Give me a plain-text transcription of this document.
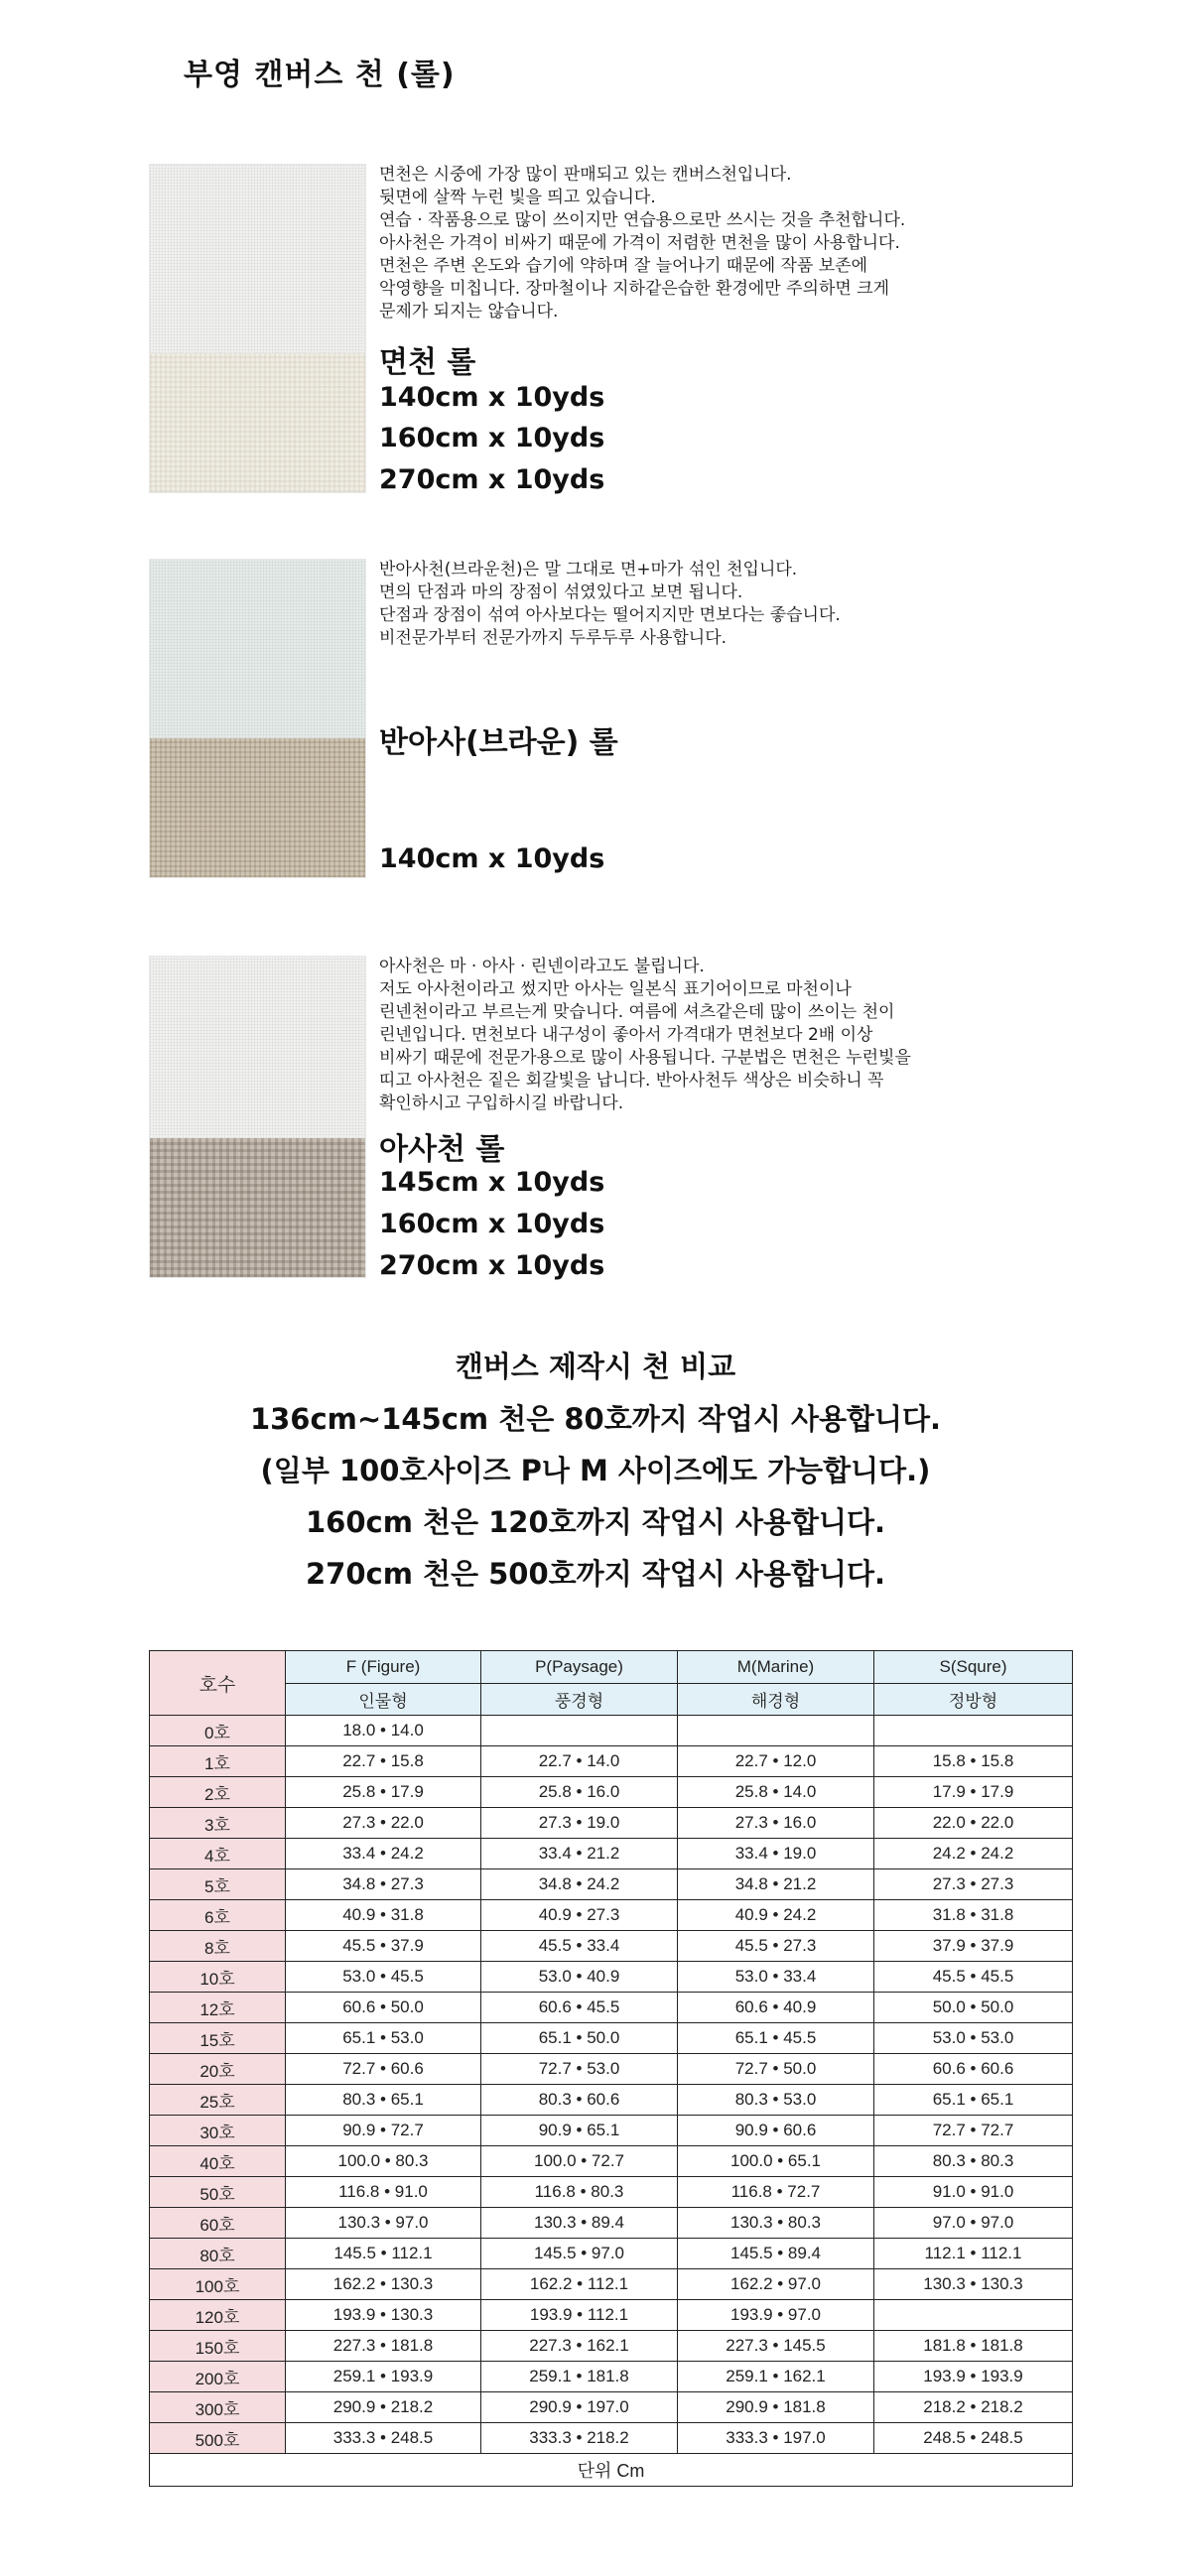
부영 캔버스 천 (롤)
면천은 시중에 가장 많이 판매되고 있는 캔버스천입니다.
뒷면에 살짝 누런 빛을 띄고 있습니다.
연습 · 작품용으로 많이 쓰이지만 연습용으로만 쓰시는 것을 추천합니다.
아사천은 가격이 비싸기 때문에 가격이 저렴한 면천을 많이 사용합니다.
면천은 주변 온도와 습기에 약하며 잘 늘어나기 때문에 작품 보존에
악영향을 미칩니다. 장마철이나 지하같은습한 환경에만 주의하면 크게
문제가 되지는 않습니다.
면천 롤
140cm x 10yds
160cm x 10yds
270cm x 10yds
반아사천(브라운천)은 말 그대로 면+마가 섞인 천입니다.
면의 단점과 마의 장점이 섞였있다고 보면 됩니다.
단점과 장점이 섞여 아사보다는 떨어지지만 면보다는 좋습니다.
비전문가부터 전문가까지 두루두루 사용합니다.
반아사(브라운) 롤
140cm x 10yds
아사천은 마 · 아사 · 린넨이라고도 불립니다.
저도 아사천이라고 썼지만 아사는 일본식 표기어이므로 마천이나
린넨천이라고 부르는게 맞습니다. 여름에 셔츠같은데 많이 쓰이는 천이
린넨입니다. 면천보다 내구성이 좋아서 가격대가 면천보다 2배 이상
비싸기 때문에 전문가용으로 많이 사용됩니다. 구분법은 면천은 누런빛을
띠고 아사천은 짙은 회갈빛을 납니다. 반아사천두 색상은 비슷하니 꼭
확인하시고 구입하시길 바랍니다.
아사천 롤
145cm x 10yds
160cm x 10yds
270cm x 10yds
캔버스 제작시 천 비교
136cm~145cm 천은 80호까지 작업시 사용합니다.
(일부 100호사이즈 P나 M 사이즈에도 가능합니다.)
160cm 천은 120호까지 작업시 사용합니다.
270cm 천은 500호까지 작업시 사용합니다.
호수	F (Figure)	P(Paysage)	M(Marine)	S(Squre)
	인물형	풍경형	해경형	정방형
0호	18.0 • 14.0			
1호	22.7 • 15.8	22.7 • 14.0	22.7 • 12.0	15.8 • 15.8
2호	25.8 • 17.9	25.8 • 16.0	25.8 • 14.0	17.9 • 17.9
3호	27.3 • 22.0	27.3 • 19.0	27.3 • 16.0	22.0 • 22.0
4호	33.4 • 24.2	33.4 • 21.2	33.4 • 19.0	24.2 • 24.2
5호	34.8 • 27.3	34.8 • 24.2	34.8 • 21.2	27.3 • 27.3
6호	40.9 • 31.8	40.9 • 27.3	40.9 • 24.2	31.8 • 31.8
8호	45.5 • 37.9	45.5 • 33.4	45.5 • 27.3	37.9 • 37.9
10호	53.0 • 45.5	53.0 • 40.9	53.0 • 33.4	45.5 • 45.5
12호	60.6 • 50.0	60.6 • 45.5	60.6 • 40.9	50.0 • 50.0
15호	65.1 • 53.0	65.1 • 50.0	65.1 • 45.5	53.0 • 53.0
20호	72.7 • 60.6	72.7 • 53.0	72.7 • 50.0	60.6 • 60.6
25호	80.3 • 65.1	80.3 • 60.6	80.3 • 53.0	65.1 • 65.1
30호	90.9 • 72.7	90.9 • 65.1	90.9 • 60.6	72.7 • 72.7
40호	100.0 • 80.3	100.0 • 72.7	100.0 • 65.1	80.3 • 80.3
50호	116.8 • 91.0	116.8 • 80.3	116.8 • 72.7	91.0 • 91.0
60호	130.3 • 97.0	130.3 • 89.4	130.3 • 80.3	97.0 • 97.0
80호	145.5 • 112.1	145.5 • 97.0	145.5 • 89.4	112.1 • 112.1
100호	162.2 • 130.3	162.2 • 112.1	162.2 • 97.0	130.3 • 130.3
120호	193.9 • 130.3	193.9 • 112.1	193.9 • 97.0	
150호	227.3 • 181.8	227.3 • 162.1	227.3 • 145.5	181.8 • 181.8
200호	259.1 • 193.9	259.1 • 181.8	259.1 • 162.1	193.9 • 193.9
300호	290.9 • 218.2	290.9 • 197.0	290.9 • 181.8	218.2 • 218.2
500호	333.3 • 248.5	333.3 • 218.2	333.3 • 197.0	248.5 • 248.5
단위 Cm				
